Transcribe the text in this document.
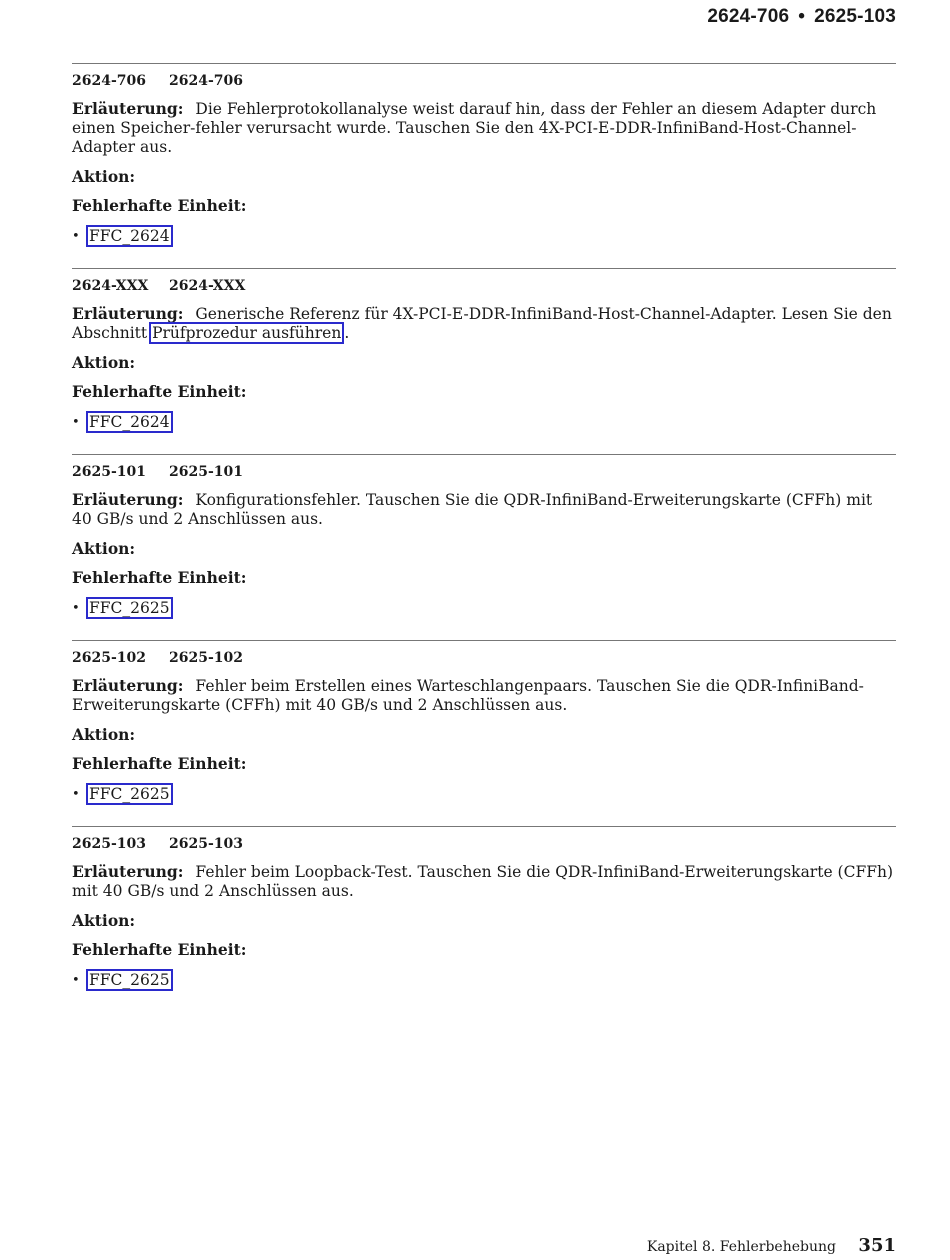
2624-706 • 2625-103
2624-706	2624-706

Erläuterung: Die Fehlerprotokollanalyse weist darauf hin, dass der Fehler an diesem Adapter durch einen Speicher-fehler verursacht wurde. Tauschen Sie den 4X-PCI-E-DDR-InfiniBand-Host-Channel-Adapter aus.

Aktion:
Fehlerhafte Einheit:
• FFC_2624
2624-XXX	2624-XXX

Erläuterung: Generische Referenz für 4X-PCI-E-DDR-InfiniBand-Host-Channel-Adapter. Lesen Sie den Abschnitt Prüfprozedur ausführen .

Aktion:
Fehlerhafte Einheit:
• FFC_2624
2625-101	2625-101

Erläuterung: Konfigurationsfehler. Tauschen Sie die QDR-InfiniBand-Erweiterungskarte (CFFh) mit 40 GB/s und 2 Anschlüssen aus.

Aktion:
Fehlerhafte Einheit:
• FFC_2625
2625-102	2625-102

Erläuterung: Fehler beim Erstellen eines Warteschlangenpaars. Tauschen Sie die QDR-InfiniBand-Erweiterungskarte (CFFh) mit 40 GB/s und 2 Anschlüssen aus.

Aktion:
Fehlerhafte Einheit:
• FFC_2625
2625-103	2625-103

Erläuterung: Fehler beim Loopback-Test. Tauschen Sie die QDR-InfiniBand-Erweiterungskarte (CFFh) mit 40 GB/s und 2 Anschlüssen aus.

Aktion:
Fehlerhafte Einheit:
• FFC_2625
Kapitel 8. Fehlerbehebung 351
